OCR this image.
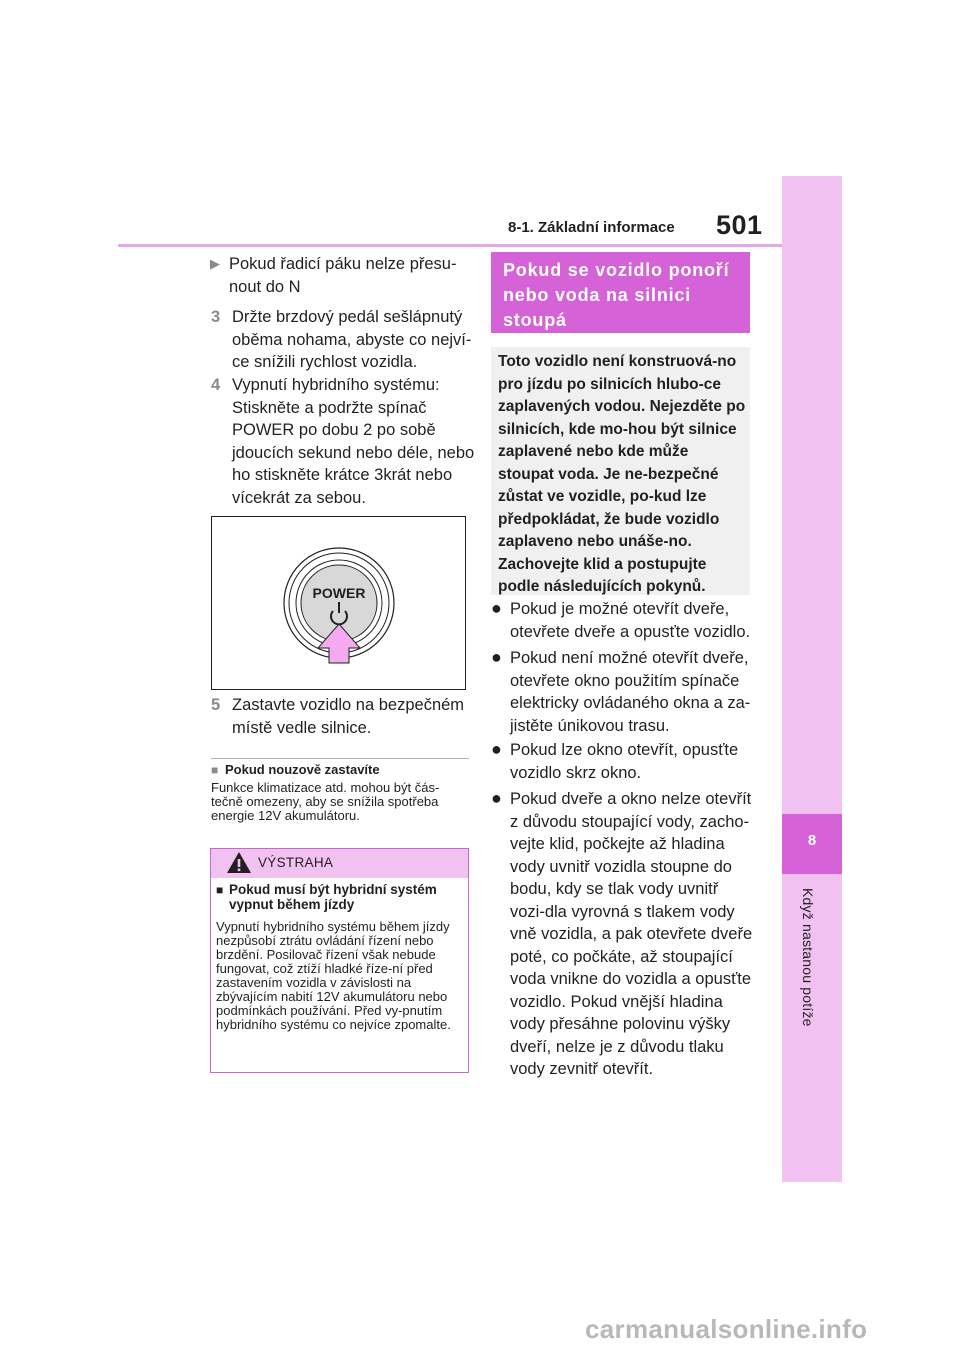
8-1. Základní informace 501
8
Když nastanou potíže
▶ Pokud řadicí páku nelze přesu-nout do N
3 Držte brzdový pedál sešlápnutý oběma nohama, abyste co nejví-ce snížili rychlost vozidla.
4 Vypnutí hybridního systému: Stiskněte a podržte spínač POWER po dobu 2 po sobě jdoucích sekund nebo déle, nebo ho stiskněte krátce 3krát nebo vícekrát za sebou.
POWER
5 Zastavte vozidlo na bezpečném místě vedle silnice.
■ Pokud nouzově zastavíte
Funkce klimatizace atd. mohou být čás-tečně omezeny, aby se snížila spotřeba energie 12V akumulátoru.
VÝSTRAHA
■ Pokud musí být hybridní systém vypnut během jízdy
Vypnutí hybridního systému během jízdy nezpůsobí ztrátu ovládání řízení nebo brzdění. Posilovač řízení však nebude fungovat, což ztíží hladké říze-ní před zastavením vozidla v závislosti na zbývajícím nabití 12V akumulátoru nebo podmínkách používání. Před vy-pnutím hybridního systému co nejvíce zpomalte.
Pokud se vozidlo ponoří nebo voda na silnici stoupá
Toto vozidlo není konstruová-no pro jízdu po silnicích hlubo-ce zaplavených vodou. Nejezděte po silnicích, kde mo-hou být silnice zaplavené nebo kde může stoupat voda. Je ne-bezpečné zůstat ve vozidle, po-kud lze předpokládat, že bude vozidlo zaplaveno nebo unáše-no. Zachovejte klid a postupujte podle následujících pokynů.
● Pokud je možné otevřít dveře, otevřete dveře a opusťte vozidlo.
● Pokud není možné otevřít dveře, otevřete okno použitím spínače elektricky ovládaného okna a za-jistěte únikovou trasu.
● Pokud lze okno otevřít, opusťte vozidlo skrz okno.
● Pokud dveře a okno nelze otevřít z důvodu stoupající vody, zacho-vejte klid, počkejte až hladina vody uvnitř vozidla stoupne do bodu, kdy se tlak vody uvnitř vozi-dla vyrovná s tlakem vody vně vozidla, a pak otevřete dveře poté, co počkáte, až stoupající voda vnikne do vozidla a opusťte vozidlo. Pokud vnější hladina vody přesáhne polovinu výšky dveří, nelze je z důvodu tlaku vody zevnitř otevřít.
carmanualsonline.info
